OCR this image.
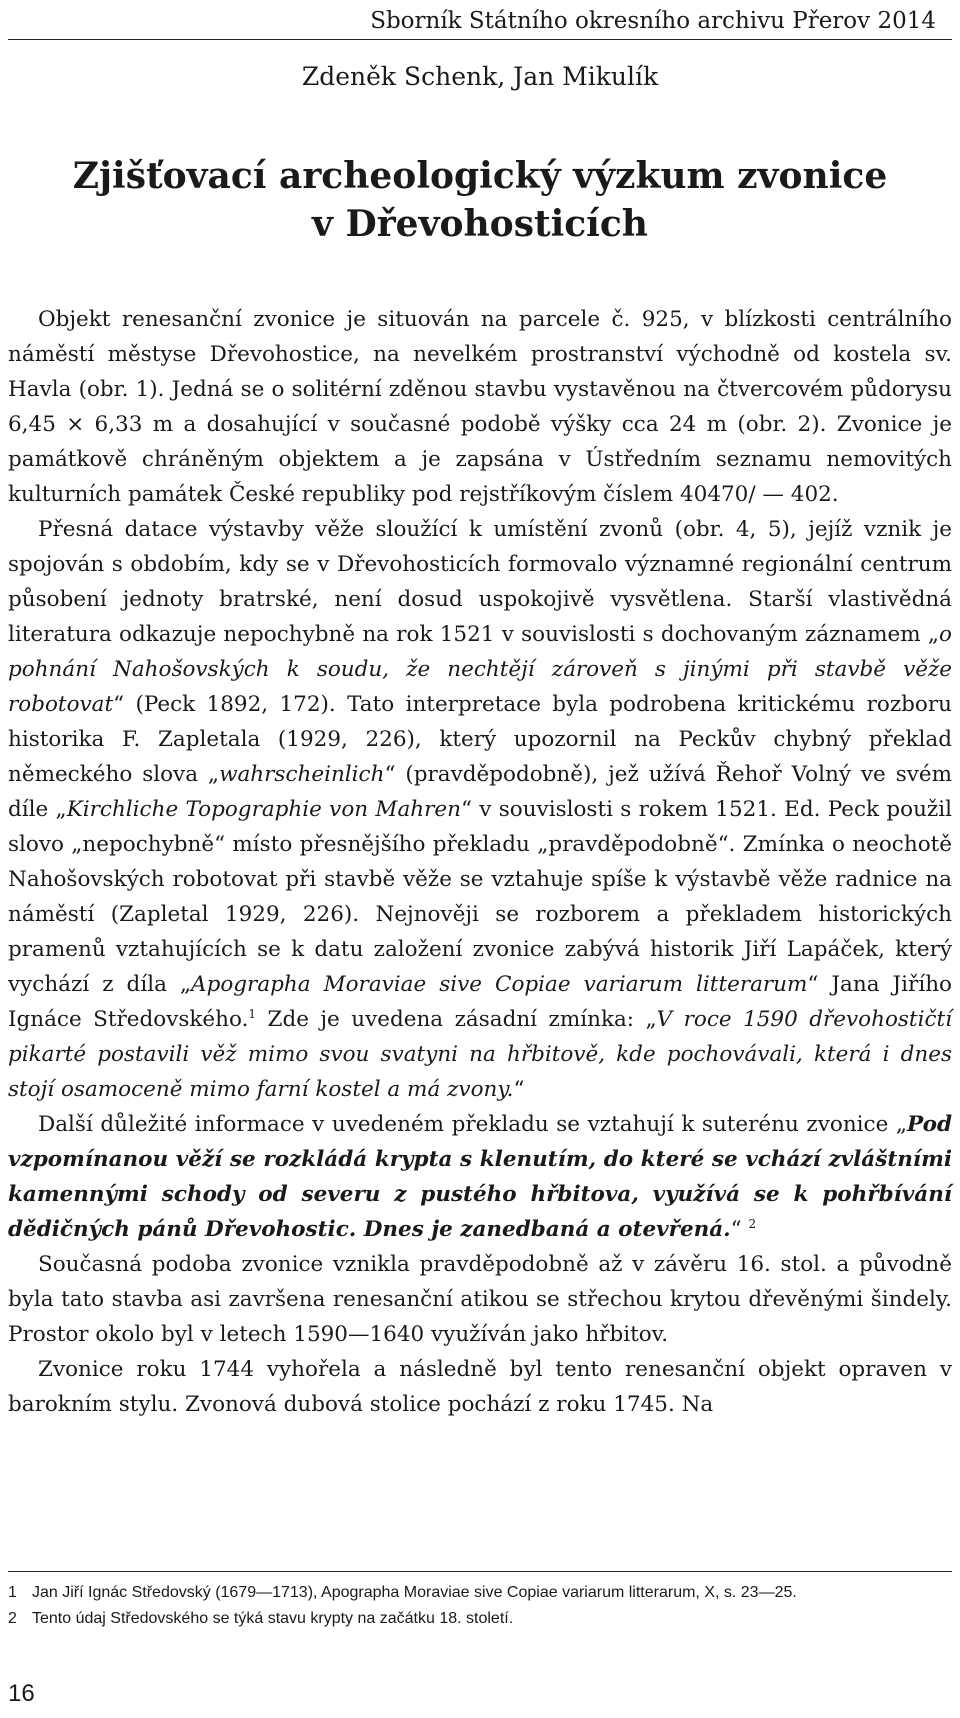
Sborník Státního okresního archivu Přerov 2014
Zdeněk Schenk, Jan Mikulík
Zjišťovací archeologický výzkum zvonice
v Dřevohosticích

Objekt renesanční zvonice je situován na parcele č. 925, v blízkosti centrálního náměstí městyse Dřevohostice, na nevelkém prostranství východně od kostela sv. Havla (obr. 1). Jedná se o solitérní zděnou stavbu vystavěnou na čtvercovém půdorysu 6,45 × 6,33 m a dosahující v současné podobě výšky cca 24 m (obr. 2). Zvonice je památkově chráněným objektem a je zapsána v Ústředním seznamu nemovitých kulturních památek České republiky pod rejstříkovým číslem 40470/ — 402.

Přesná datace výstavby věže sloužící k umístění zvonů (obr. 4, 5), jejíž vznik je spojován s obdobím, kdy se v Dřevohosticích formovalo významné regionální centrum působení jednoty bratrské, není dosud uspokojivě vysvětlena. Starší vlastivědná literatura odkazuje nepochybně na rok 1521 v souvislosti s dochovaným záznamem „o pohnání Nahošovských k soudu, že nechtějí zároveň s jinými při stavbě věže robotovat“ (Peck 1892, 172). Tato interpretace byla podrobena kritickému rozboru historika F. Zapletala (1929, 226), který upozornil na Peckův chybný překlad německého slova „wahrscheinlich“ (pravděpodobně), jež užívá Řehoř Volný ve svém díle „Kirchliche Topographie von Mahren“ v souvislosti s rokem 1521. Ed. Peck použil slovo „nepochybně“ místo přesnějšího překladu „pravděpodobně“. Zmínka o neochotě Nahošovských robotovat při stavbě věže se vztahuje spíše k výstavbě věže radnice na náměstí (Zapletal 1929, 226). Nejnověji se rozborem a překladem historických pramenů vztahujících se k datu založení zvonice zabývá historik Jiří Lapáček, který vychází z díla „Apographa Moraviae sive Copiae variarum litterarum“ Jana Jiřího Ignáce Středovského.$^1$ Zde je uvedena zásadní zmínka: „V roce 1590 dřevohostičtí pikarté postavili věž mimo svou svatyni na hřbitově, kde pochovávali, která i dnes stojí osamoceně mimo farní kostel a má zvony.“

Další důležité informace v uvedeném překladu se vztahují k suterénu zvonice „Pod vzpomínanou věží se rozkládá krypta s klenutím, do které se vchází zvláštními kamennými schody od severu z pustého hřbitova, využívá se k pohřbívání dědičných pánů Dřevohostic. Dnes je zanedbaná a otevřená.“ $^2$

Současná podoba zvonice vznikla pravděpodobně až v závěru 16. stol. a původně byla tato stavba asi završena renesanční atikou se střechou krytou dřevěnými šindely. Prostor okolo byl v letech 1590—1640 využíván jako hřbitov.

Zvonice roku 1744 vyhořela a následně byl tento renesanční objekt opraven v barokním stylu. Zvonová dubová stolice pochází z roku 1745. Na

1 Jan Jiří Ignác Středovský (1679—1713), Apographa Moraviae sive Copiae variarum litterarum, X, s. 23—25.
2 Tento údaj Středovského se týká stavu krypty na začátku 18. století.
16
